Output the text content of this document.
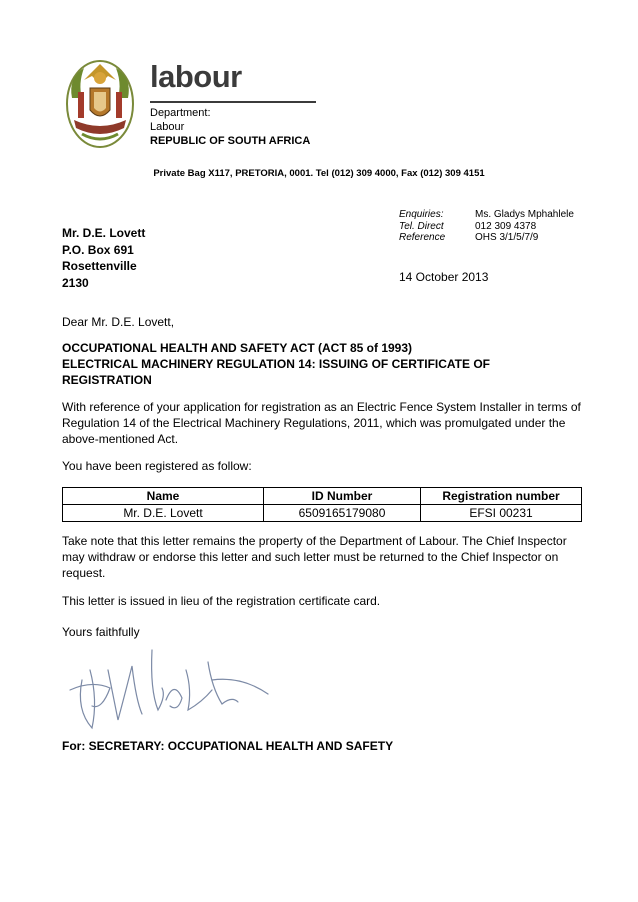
labour
Department:
Labour
REPUBLIC OF SOUTH AFRICA
Private Bag X117, PRETORIA, 0001. Tel (012) 309 4000, Fax (012) 309 4151
Mr. D.E. Lovett
P.O. Box 691
Rosettenville
2130
Enquiries:	Ms. Gladys Mphahlele
Tel. Direct	012 309 4378
Reference	OHS 3/1/5/7/9
14 October 2013
Dear Mr. D.E. Lovett,
OCCUPATIONAL HEALTH AND SAFETY ACT (ACT 85 of 1993)
ELECTRICAL MACHINERY REGULATION 14: ISSUING OF CERTIFICATE OF REGISTRATION
With reference of your application for registration as an Electric Fence System Installer in terms of Regulation 14 of the Electrical Machinery Regulations, 2011, which was promulgated under the above-mentioned Act.
You have been registered as follow:
Name	ID Number	Registration number
Mr. D.E. Lovett	6509165179080	EFSI 00231
Take note that this letter remains the property of the Department of Labour. The Chief Inspector may withdraw or endorse this letter and such letter must be returned to the Chief Inspector on request.
This letter is issued in lieu of the registration certificate card.
Yours faithfully
For: SECRETARY: OCCUPATIONAL HEALTH AND SAFETY
